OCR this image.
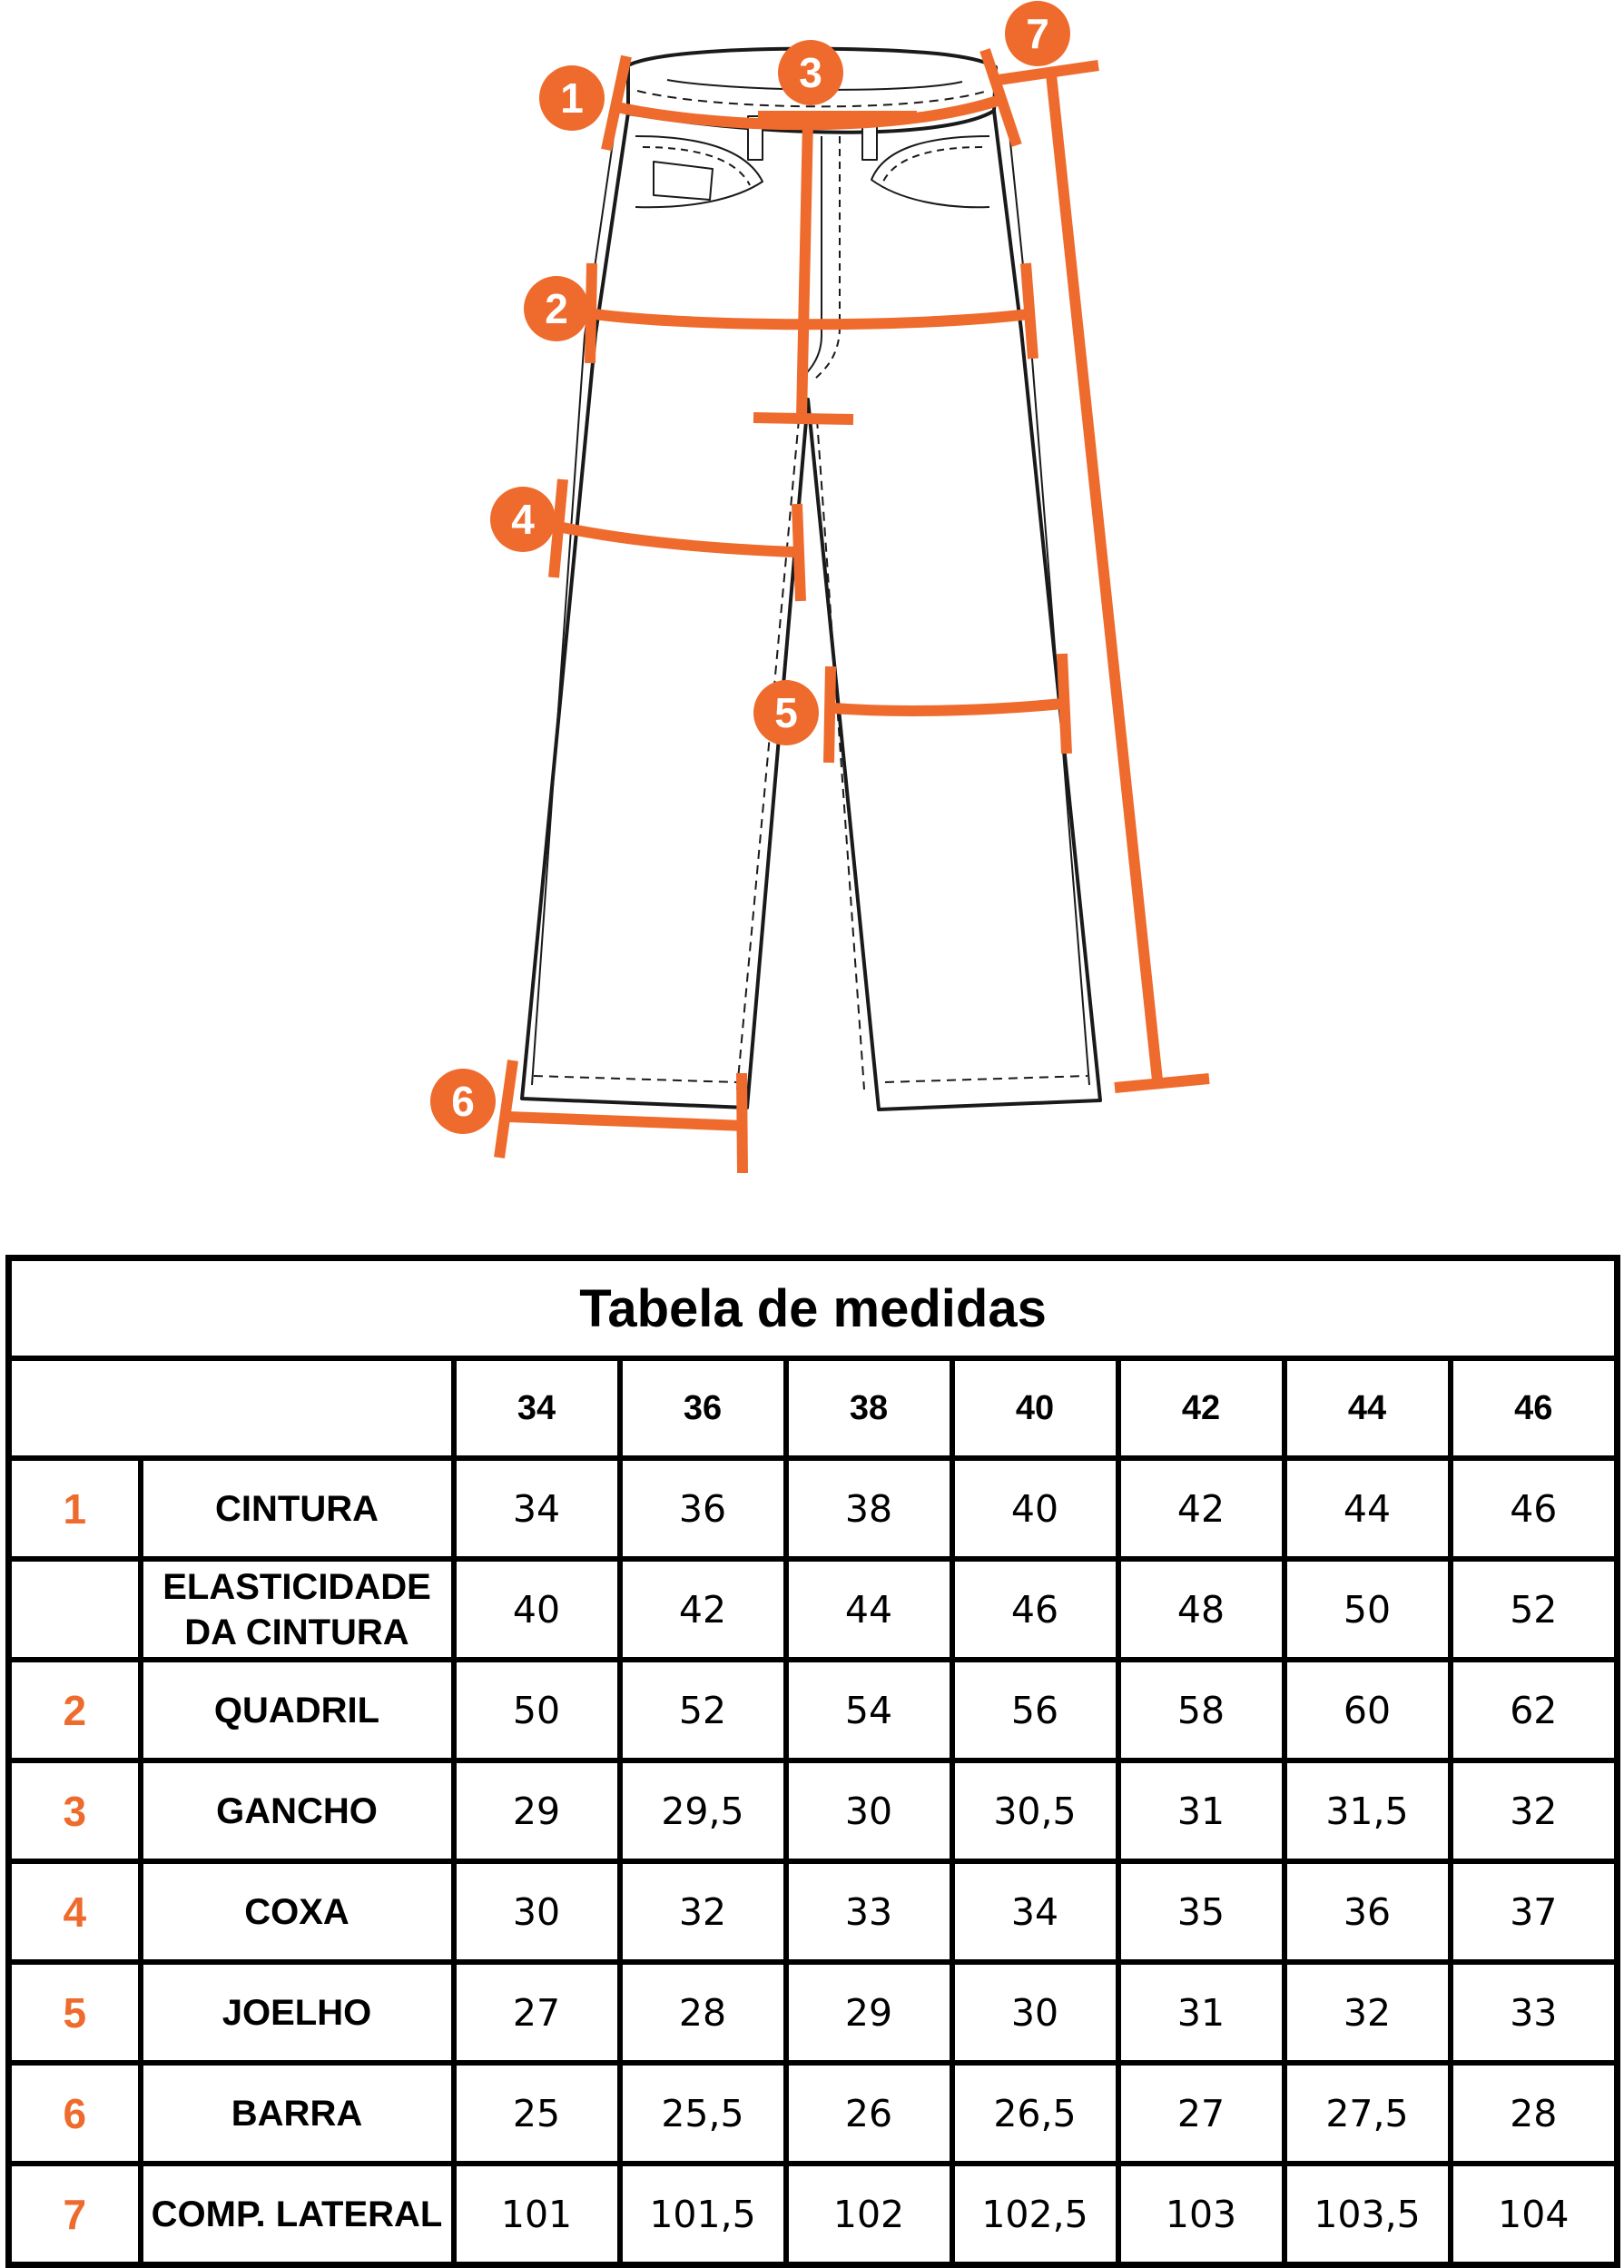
1
2
3
4
5
6
7
Tabela de medidas								
		34	36	38	40	42	44	46
1	CINTURA	34	36	38	40	42	44	46
	ELASTICIDADE DA CINTURA	40	42	44	46	48	50	52
2	QUADRIL	50	52	54	56	58	60	62
3	GANCHO	29	29,5	30	30,5	31	31,5	32
4	COXA	30	32	33	34	35	36	37
5	JOELHO	27	28	29	30	31	32	33
6	BARRA	25	25,5	26	26,5	27	27,5	28
7	COMP. LATERAL	101	101,5	102	102,5	103	103,5	104
